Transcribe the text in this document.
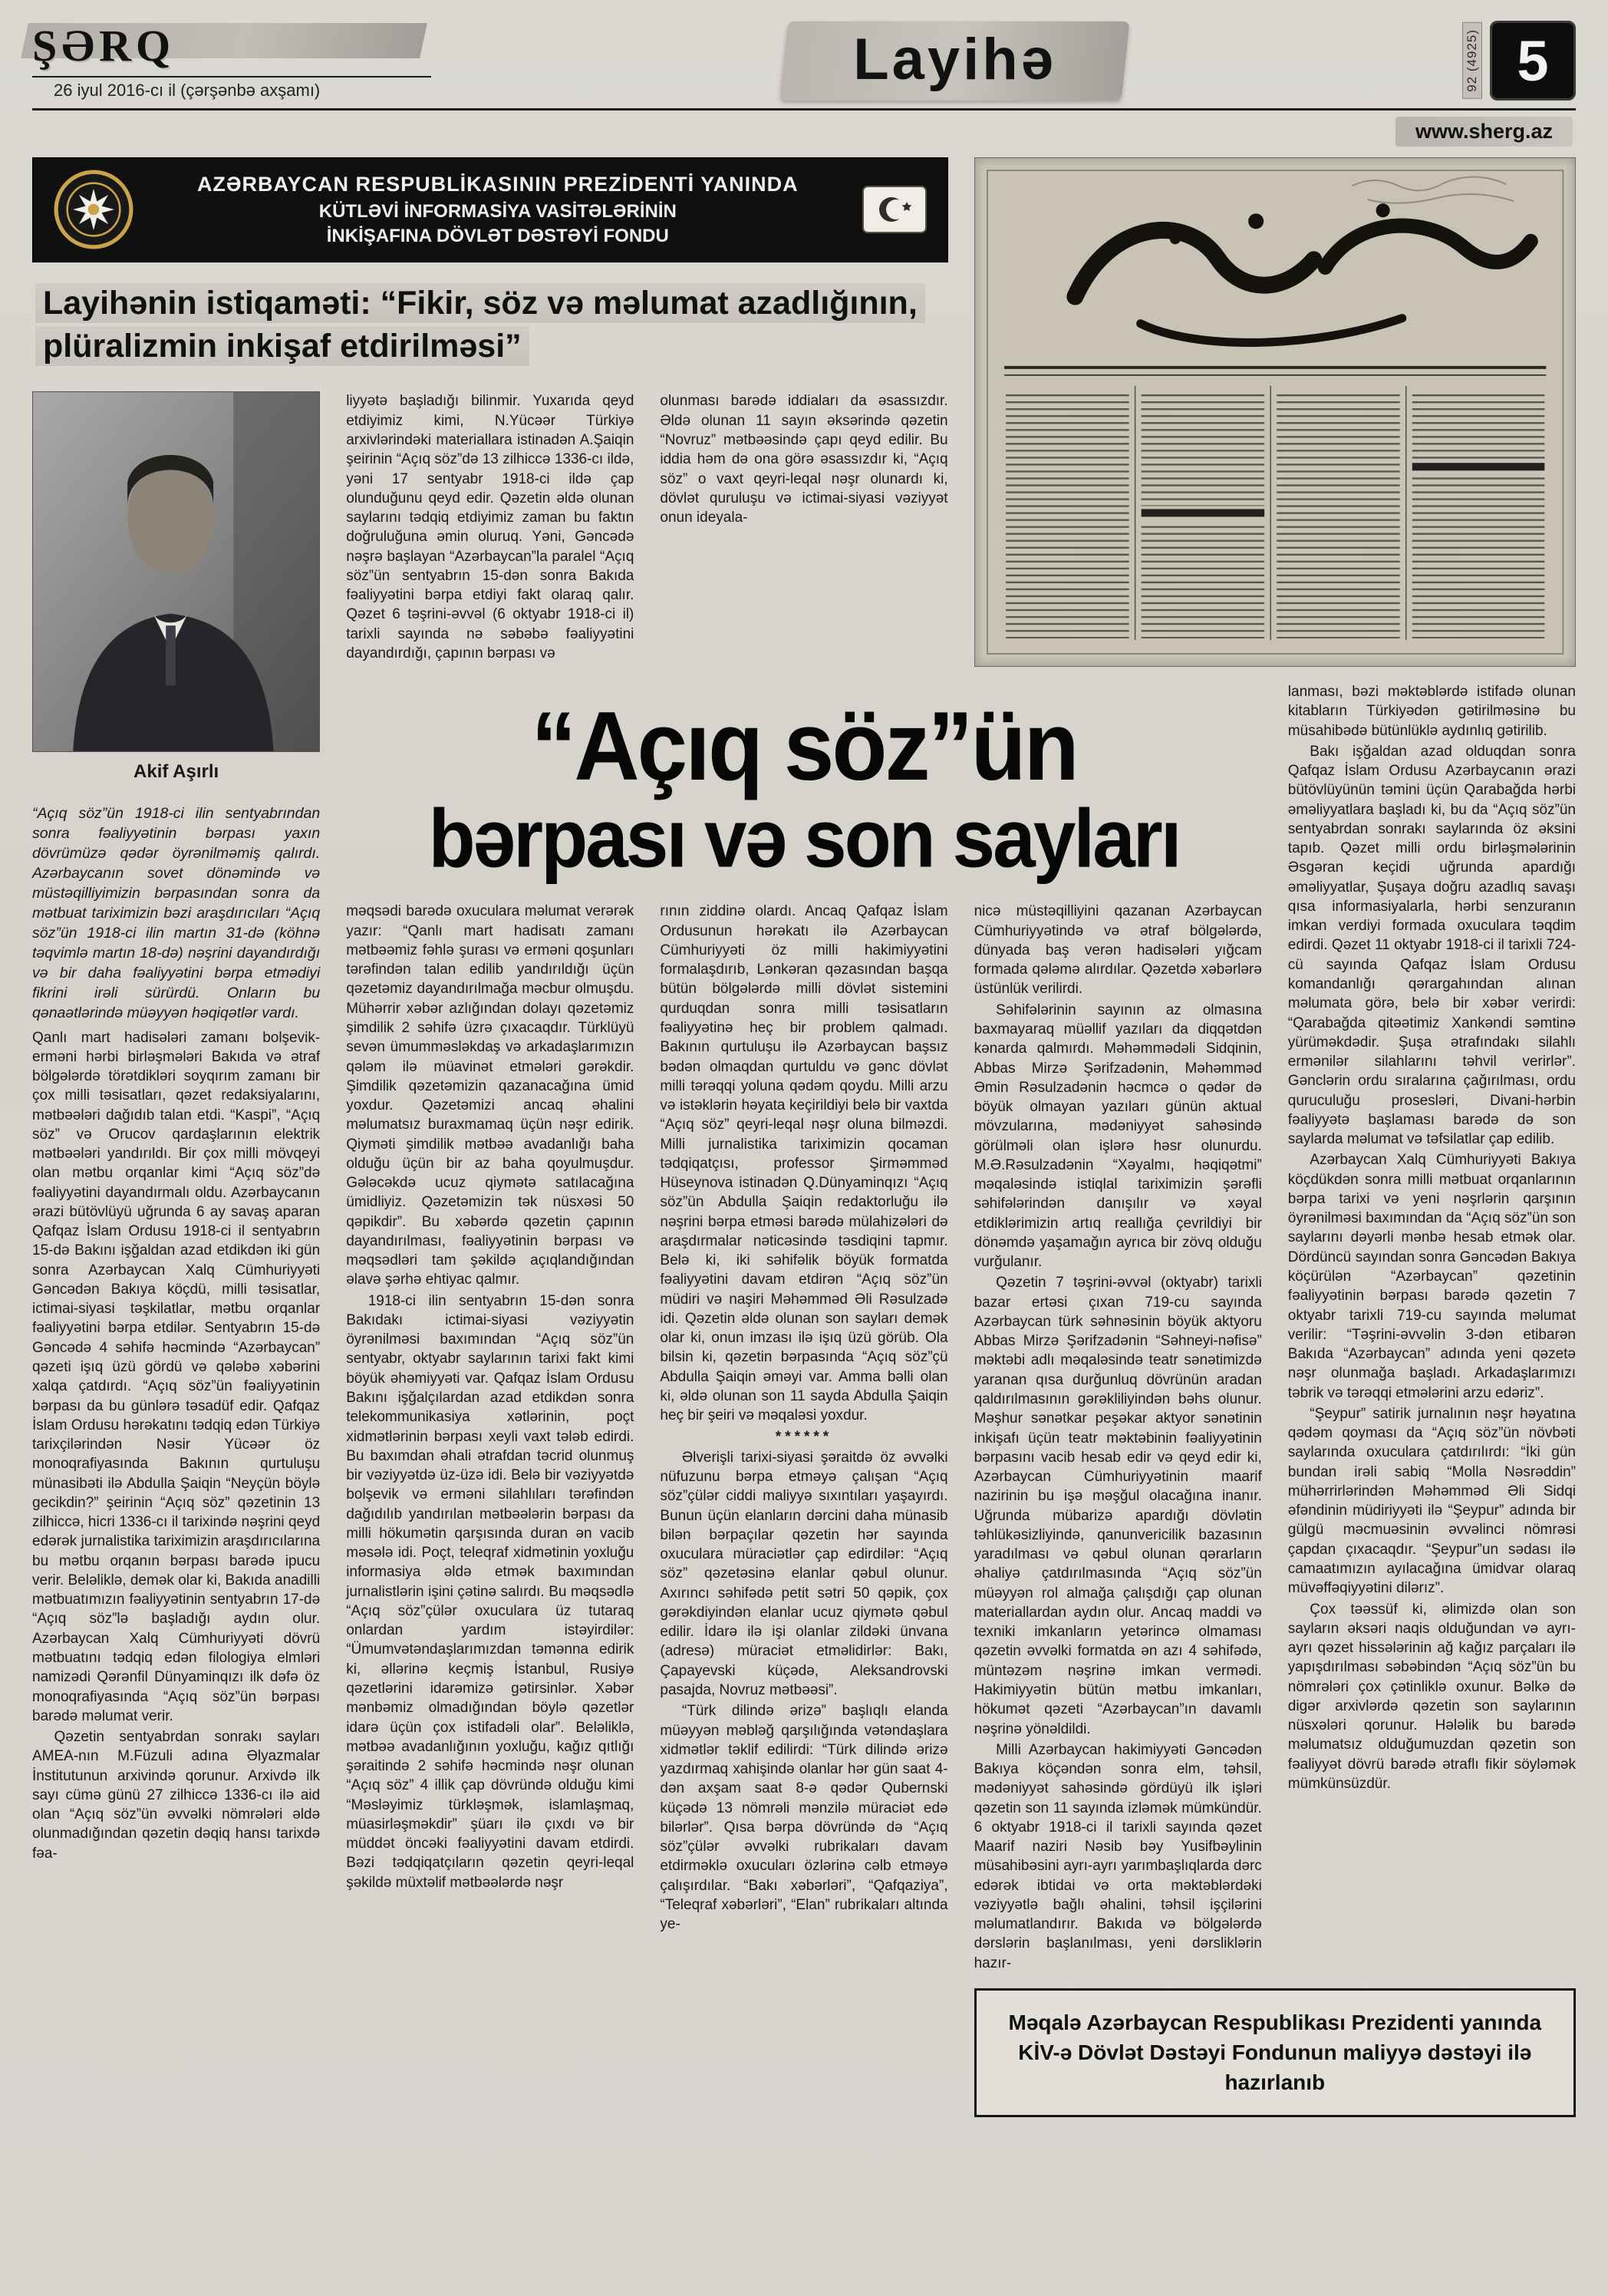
ŞƏRQ
26 iyul 2016-cı il (çərşənbə axşamı)	Layihə	92 (4925) 5
www.sherg.az
AZƏRBAYCAN RESPUBLİKASININ PREZİDENTİ YANINDA
KÜTLƏVİ İNFORMASİYA VASİTƏLƏRİNİN
İNKİŞAFINA DÖVLƏT DƏSTƏYİ FONDU
Layihənin istiqaməti: “Fikir, söz və məlumat azadlığının, plüralizmin inkişaf etdirilməsi”
Akif Aşırlı
“Açıq söz”ün 1918-ci ilin sentyabrından sonra fəaliyyətinin bərpası yaxın dövrümüzə qədər öyrənilməmiş qalırdı. Azərbaycanın sovet dönəmində və müstəqilliyimizin bərpasından sonra da mətbuat tariximizin bəzi araşdırıcıları “Açıq söz”ün 1918-ci ilin martın 31-də (köhnə təqvimlə martın 18-də) nəşrini dayandırdığı və bir daha fəaliyyətini bərpa etmədiyi fikrini irəli sürürdü. Onların bu qənaətlərində müəyyən həqiqətlər vardı.

Qanlı mart hadisələri zamanı bolşevik-erməni hərbi birləşmələri Bakıda və ətraf bölgələrdə törətdikləri soyqırım zamanı bir çox milli təsisatları, qəzet redaksiyalarını, mətbəələri dağıdıb talan etdi. “Kaspi”, “Açıq söz” və Orucov qardaşlarının elektrik mətbəələri yandırıldı. Bir çox milli mövqeyi olan mətbu orqanlar kimi “Açıq söz”də fəaliyyətini dayandırmalı oldu. Azərbaycanın ərazi bütövlüyü uğrunda 6 ay savaş aparan Qafqaz İslam Ordusu 1918-ci il sentyabrın 15-də Bakını işğaldan azad etdikdən iki gün sonra Azərbaycan Xalq Cümhuriyyəti Gəncədən Bakıya köçdü, milli təsisatlar, ictimai-siyasi təşkilatlar, mətbu orqanlar fəaliyyətini bərpa etdilər. Sentyabrın 15-də Gəncədə 4 səhifə həcmində “Azərbaycan” qəzeti işıq üzü gördü və qələbə xəbərini xalqa çatdırdı. “Açıq söz”ün fəaliyyətinin bərpası da bu günlərə təsadüf edir. Qafqaz İslam Ordusu hərəkatını tədqiq edən Türkiyə tarixçilərindən Nəsir Yücəər öz monoqrafiyasında Bakının qurtuluşu münasibəti ilə Abdulla Şaiqin “Neyçün böylə gecikdin?” şeirinin “Açıq söz” qəzetinin 13 zilhiccə, hicri 1336-cı il tarixində nəşrini qeyd edərək jurnalistika tariximizin araşdırıcılarına bu mətbu orqanın bərpası barədə ipucu verir. Beləliklə, demək olar ki, Bakıda anadilli mətbuatımızın fəaliyyətinin sentyabrın 17-də “Açıq söz”lə başladığı aydın olur. Azərbaycan Xalq Cümhuriyyəti dövrü mətbuatını tədqiq edən filologiya elmləri namizədi Qərənfil Dünyaminqızı ilk dəfə öz monoqrafiyasında “Açıq söz”ün bərpası barədə məlumat verir.

Qəzetin sentyabrdan sonrakı sayları AMEA-nın M.Füzuli adına Əlyazmalar İnstitutunun arxivində qorunur. Arxivdə ilk sayı cümə günü 27 zilhiccə 1336-cı ilə aid olan “Açıq söz”ün əvvəlki nömrələri əldə olunmadığından qəzetin dəqiq hansı tarixdə fəa-

liyyətə başladığı bilinmir. Yuxarıda qeyd etdiyimiz kimi, N.Yücəər Türkiyə arxivlərindəki materiallara istinadən A.Şaiqin şeirinin “Açıq söz”də 13 zilhiccə 1336-cı ildə, yəni 17 sentyabr 1918-ci ildə çap olunduğunu qeyd edir. Qəzetin əldə olunan saylarını tədqiq etdiyimiz zaman bu faktın doğruluğuna əmin oluruq. Yəni, Gəncədə nəşrə başlayan “Azərbaycan”la paralel “Açıq söz”ün sentyabrın 15-dən sonra Bakıda fəaliyyətini bərpa etdiyi fakt olaraq qalır. Qəzet 6 təşrini-əvvəl (6 oktyabr 1918-ci il) tarixli sayında nə səbəbə fəaliyyətini dayandırdığı, çapının bərpası və

olunması barədə iddiaları da əsassızdır. Əldə olunan 11 sayın əksərində qəzetin “Novruz” mətbəəsində çapı qeyd edilir. Bu iddia həm də ona görə əsassızdır ki, “Açıq söz” o vaxt qeyri-leqal nəşr olunardı ki, dövlət quruluşu və ictimai-siyasi vəziyyət onun ideyala-

“Açıq söz”ün
bərpası və son sayları

lanması, bəzi məktəblərdə istifadə olunan kitabların Türkiyədən gətirilməsinə bu müsahibədə bütünlüklə aydınlıq gətirilib.

Bakı işğaldan azad olduqdan sonra Qafqaz İslam Ordusu Azərbaycanın ərazi bütövlüyünün təmini üçün Qarabağda hərbi əməliyyatlara başladı ki, bu da “Açıq söz”ün sentyabrdan sonrakı saylarında öz əksini tapıb. Qəzet milli ordu birləşmələrinin Əsgəran keçidi uğrunda apardığı əməliyyatlar, Şuşaya doğru azadlıq savaşı qısa informasiyalarla, hərbi senzuranın imkan verdiyi formada oxuculara təqdim edirdi. Qəzet 11 oktyabr 1918-ci il tarixli 724-cü sayında Qafqaz İslam Ordusu komandanlığı qərargahından alınan məlumata görə, belə bir xəbər verirdi: “Qarabağda qitəətimiz Xankəndi səmtinə yürüməkdədir. Şuşa ətrafındakı silahlı ermənilər silahlarını təhvil verirlər”. Gənclərin ordu sıralarına çağırılması, ordu quruculuğu prosesləri, Divani-hərbin fəaliyyətə başlaması barədə də son saylarda məlumat və təfsilatlar çap edilib.

Azərbaycan Xalq Cümhuriyyəti Bakıya köçdükdən sonra milli mətbuat orqanlarının bərpa tarixi və yeni nəşrlərin qarşının öyrənilməsi baxımından da “Açıq söz”ün son saylarını dəyərli mənbə hesab etmək olar. Dördüncü sayından sonra Gəncədən Bakıya köçürülən “Azərbaycan” qəzetinin fəaliyyətinin bərpası barədə qəzetin 7 oktyabr tarixli 719-cu sayında məlumat verilir: “Təşrini-əvvəlin 3-dən etibarən Bakıda “Azərbaycan” adında yeni qəzetə nəşr olunmağa başladı. Arkadaşlarımızı təbrik və tərəqqi etmələrini arzu edəriz”.

“Şeypur” satirik jurnalının nəşr həyatına qədəm qoyması da “Açıq söz”ün növbəti saylarında oxuculara çatdırılırdı: “İki gün bundan irəli sabiq “Molla Nəsrəddin” mühərrirlərindən Məhəmməd Əli Sidqi əfəndinin müdiriyyəti ilə “Şeypur” adında bir gülgü məcmuəsinin əvvəlinci nömrəsi çapdan çıxacaqdır. “Şeypur”un sədası ilə camaatımızın ayılacağına ümidvar olaraq müvəffəqiyyətini dilərız”.

Çox təəssüf ki, əlimizdə olan son sayların əksəri naqis olduğundan və ayrı-ayrı qəzet hissələrinin ağ kağız parçaları ilə yapışdırılması səbəbindən “Açıq söz”ün bu nömrələri çox çətinliklə oxunur. Bəlkə də digər arxivlərdə qəzetin son saylarının nüsxələri qorunur. Hələlik bu barədə məlumatsız olduğumuzdan qəzetin son fəaliyyət dövrü barədə ətraflı fikir söyləmək mümkünsüzdür.

məqsədi barədə oxuculara məlumat verərək yazır: “Qanlı mart hadisatı zamanı mətbəəmiz fəhlə şurası və erməni qoşunları tərəfindən talan edilib yandırıldığı üçün qəzetəmiz dayandırılmağa məcbur olmuşdu. Mühərrir xəbər azlığından dolayı qəzetəmiz şimdilik 2 səhifə üzrə çıxacaqdır. Türklüyü sevən ümumməsləkdaş və arkadaşlarımızın qələm ilə müavinət etmələri gərəkdir. Şimdilik qəzetəmizin qazanacağına ümid yoxdur. Qəzetəmizi ancaq əhalini məlumatsız buraxmamaq üçün nəşr edirik. Qiyməti şimdilik mətbəə avadanlığı baha olduğu üçün bir az baha qoyulmuşdur. Gələcəkdə ucuz qiymətə satılacağına ümidliyiz. Qəzetəmizin tək nüsxəsi 50 qəpikdir”. Bu xəbərdə qəzetin çapının dayandırılması, fəaliyyətinin bərpası və məqsədləri tam şəkildə açıqlandığından əlavə şərhə ehtiyac qalmır.

1918-ci ilin sentyabrın 15-dən sonra Bakıdakı ictimai-siyasi vəziyyətin öyrənilməsi baxımından “Açıq söz”ün sentyabr, oktyabr saylarının tarixi fakt kimi böyük əhəmiyyəti var. Qafqaz İslam Ordusu Bakını işğalçılardan azad etdikdən sonra telekommunikasiya xətlərinin, poçt xidmətlərinin bərpası xeyli vaxt tələb edirdi. Bu baxımdan əhali ətrafdan təcrid olunmuş bir vəziyyətdə üz-üzə idi. Belə bir vəziyyətdə bolşevik və erməni silahlıları tərəfindən dağıdılıb yandırılan mətbəələrin bərpası da milli hökumətin qarşısında duran ən vacib məsələ idi. Poçt, teleqraf xidmətinin yoxluğu informasiya əldə etmək baxımından jurnalistlərin işini çətinə salırdı. Bu məqsədlə “Açıq söz”çülər oxuculara üz tutaraq onlardan yardım istəyirdilər: “Ümumvətəndaşlarımızdan təmənna edirik ki, əllərinə keçmiş İstanbul, Rusiyə qəzetlərini idarəmizə gətirsinlər. Xəbər mənbəmiz olmadığından böylə qəzetlər idarə üçün çox istifadəli olar”. Beləliklə, mətbəə avadanlığının yoxluğu, kağız qıtlığı şəraitində 2 səhifə həcmində nəşr olunan “Açıq söz” 4 illik çap dövründə olduğu kimi “Məsləyimiz türkləşmək, islamlaşmaq, müasirləşməkdir” şüarı ilə çıxdı və bir müddət öncəki fəaliyyətini davam etdirdi. Bəzi tədqiqatçıların qəzetin qeyri-leqal şəkildə müxtəlif mətbəələrdə nəşr

rının ziddinə olardı. Ancaq Qafqaz İslam Ordusunun hərəkatı ilə Azərbaycan Cümhuriyyəti öz milli hakimiyyətini formalaşdırıb, Lənkəran qəzasından başqa bütün bölgələrdə milli dövlət sistemini qurduqdan sonra milli təsisatların fəaliyyətinə heç bir problem qalmadı. Bakının qurtuluşu ilə Azərbaycan başsız bədən olmaqdan qurtuldu və gənc dövlət milli tərəqqi yoluna qədəm qoydu. Milli arzu və istəklərin həyata keçirildiyi belə bir vaxtda “Açıq söz” qeyri-leqal nəşr oluna bilməzdi. Milli jurnalistika tariximizin qocaman tədqiqatçısı, professor Şirməmməd Hüseynova istinadən Q.Dünyaminqızı “Açıq söz”ün Abdulla Şaiqin redaktorluğu ilə nəşrini bərpa etməsi barədə mülahizələri də araşdırmalar nəticəsində təsdiqini tapmır. Belə ki, iki səhifəlik böyük formatda fəaliyyətini davam etdirən “Açıq söz”ün müdiri və naşiri Məhəmməd Əli Rəsulzadə idi. Qəzetin əldə olunan son sayları demək olar ki, onun imzası ilə işıq üzü görüb. Ola bilsin ki, qəzetin bərpasında “Açıq söz”çü Abdulla Şaiqin əməyi var. Amma bəlli olan ki, əldə olunan son 11 sayda Abdulla Şaiqin heç bir şeiri və məqaləsi yoxdur.

******

Əlverişli tarixi-siyasi şəraitdə öz əvvəlki nüfuzunu bərpa etməyə çalışan “Açıq söz”çülər ciddi maliyyə sıxıntıları yaşayırdı. Bunun üçün elanların dərcini daha münasib bilən bərpaçılar qəzetin hər sayında oxuculara müraciətlər çap edirdilər: “Açıq söz” qəzetəsinə elanlar qəbul olunur. Axırıncı səhifədə petit sətri 50 qəpik, çox gərəkdiyindən elanlar ucuz qiymətə qəbul edilir. İdarə ilə işi olanlar zildəki ünvana (adresə) müraciət etməlidirlər: Bakı, Çapayevski küçədə, Aleksandrovski pasajda, Novruz mətbəəsi”.

“Türk dilində ərizə” başlıqlı elanda müəyyən məbləğ qarşılığında vətəndaşlara xidmətlər təklif edilirdi: “Türk dilində ərizə yazdırmaq xahişində olanlar hər gün saat 4-dən axşam saat 8-ə qədər Qubernski küçədə 13 nömrəli mənzilə müraciət edə bilərlər”. Qısa bərpa dövründə də “Açıq söz”çülər əvvəlki rubrikaları davam etdirməklə oxucuları özlərinə cəlb etməyə çalışırdılar. “Bakı xəbərləri”, “Qafqaziya”, “Teleqraf xəbərləri”, “Elan” rubrikaları altında ye-

nicə müstəqilliyini qazanan Azərbaycan Cümhuriyyətində və ətraf bölgələrdə, dünyada baş verən hadisələri yığcam formada qələmə alırdılar. Qəzetdə xəbərlərə üstünlük verilirdi.

Səhifələrinin sayının az olmasına baxmayaraq müəllif yazıları da diqqətdən kənarda qalmırdı. Məhəmmədəli Sidqinin, Abbas Mirzə Şərifzadənin, Məhəmməd Əmin Rəsulzadənin həcmcə o qədər də böyük olmayan yazıları günün aktual mövzularına, mədəniyyət sahəsində görülməli olan işlərə həsr olunurdu. M.Ə.Rəsulzadənin “Xəyalmı, həqiqətmi” məqaləsində istiqlal tariximizin şərəfli səhifələrindən danışılır və xəyal etdiklərimizin artıq reallığa çevrildiyi bir dönəmdə yaşamağın ayrıca bir zövq olduğu vurğulanır.

Qəzetin 7 təşrini-əvvəl (oktyabr) tarixli bazar ertəsi çıxan 719-cu sayında Azərbaycan türk səhnəsinin böyük aktyoru Abbas Mirzə Şərifzadənin “Səhneyi-nəfisə” məktəbi adlı məqaləsində teatr sənətimizdə yaranan qısa durğunluq dövrünün aradan qaldırılmasının gərəkliliyindən bəhs olunur. Məşhur sənətkar peşəkar aktyor sənətinin inkişafı üçün teatr məktəbinin fəaliyyətinin bərpasını vacib hesab edir və qeyd edir ki, Azərbaycan Cümhuriyyətinin maarif nazirinin bu işə məşğul olacağına inanır. Uğrunda mübarizə apardığı dövlətin təhlükəsizliyində, qanunvericilik bazasının yaradılması və qəbul olunan qərarların əhaliyə çatdırılmasında “Açıq söz”ün müəyyən rol almağa çalışdığı çap olunan materiallardan aydın olur. Ancaq maddi və texniki imkanların yetərincə olmaması qəzetin əvvəlki formatda ən azı 4 səhifədə, müntəzəm nəşrinə imkan vermədi. Hakimiyyətin bütün mətbu imkanları, hökumət qəzeti “Azərbaycan”ın davamlı nəşrinə yönəldildi.

Milli Azərbaycan hakimiyyəti Gəncədən Bakıya köçəndən sonra elm, təhsil, mədəniyyət sahəsində gördüyü ilk işləri qəzetin son 11 sayında izləmək mümkündür. 6 oktyabr 1918-ci il tarixli sayında qəzet Maarif naziri Nəsib bəy Yusifbəylinin müsahibəsini ayrı-ayrı yarımbaşlıqlarda dərc edərək ibtidai və orta məktəblərdəki vəziyyətlə bağlı əhalini, təhsil işçilərini məlumatlandırır. Bakıda və bölgələrdə dərslərin başlanılması, yeni dərsliklərin hazır-

Məqalə Azərbaycan Respublikası Prezidenti yanında KİV-ə Dövlət Dəstəyi Fondunun maliyyə dəstəyi ilə hazırlanıb
